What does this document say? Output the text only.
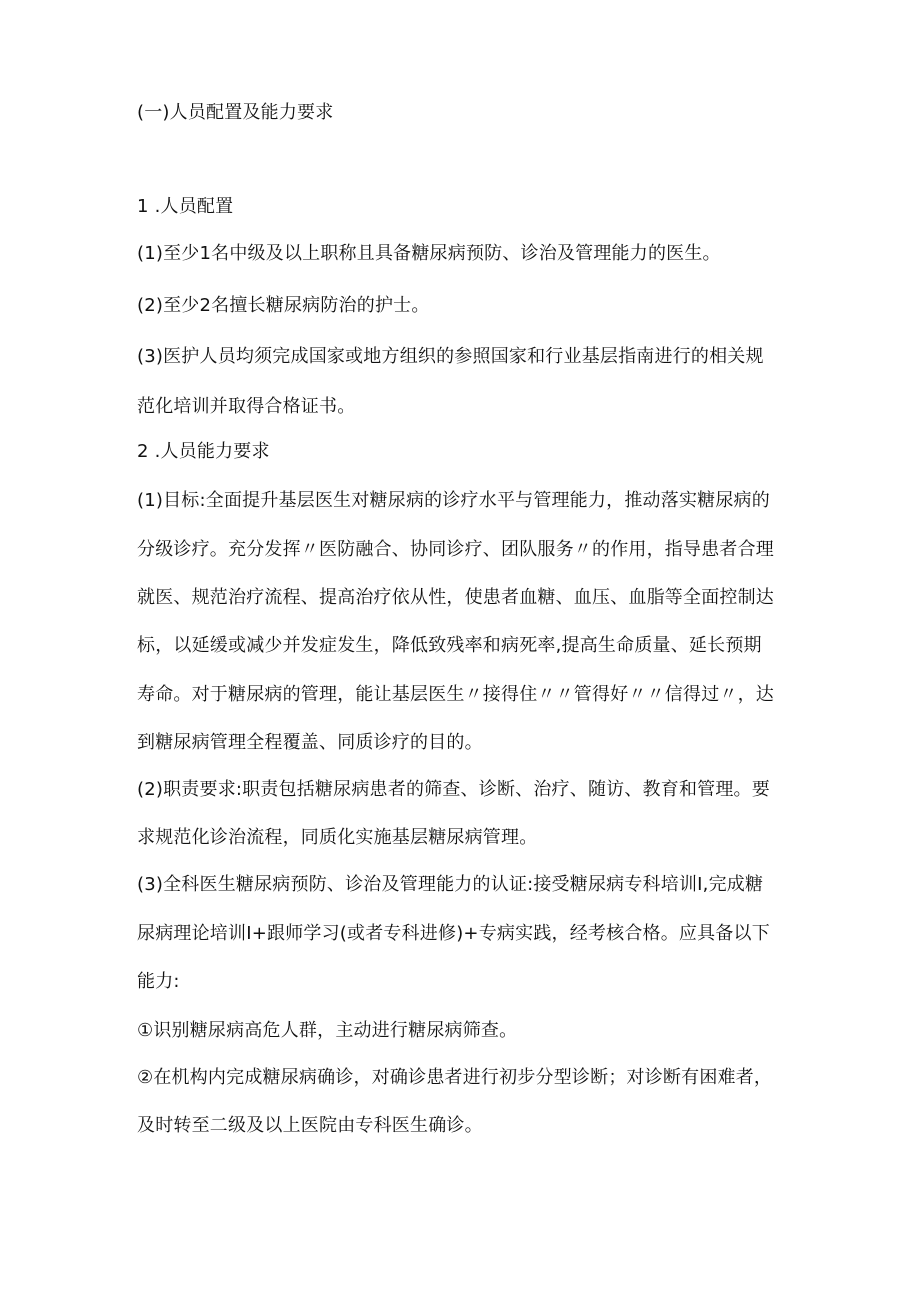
(一)人员配置及能力要求
1 .人员配置
(1)至少1名中级及以上职称且具备糖尿病预防、诊治及管理能力的医生。
(2)至少2名擅长糖尿病防治的护士。
(3)医护人员均须完成国家或地方组织的参照国家和行业基层指南进行的相关规
范化培训并取得合格证书。
2 .人员能力要求
(1)目标:全面提升基层医生对糖尿病的诊疗水平与管理能力，推动落实糖尿病的
分级诊疗。充分发挥〃医防融合、协同诊疗、团队服务〃的作用，指导患者合理
就医、规范治疗流程、提高治疗依从性，使患者血糖、血压、血脂等全面控制达
标，以延缓或减少并发症发生，降低致残率和病死率,提高生命质量、延长预期
寿命。对于糖尿病的管理，能让基层医生〃接得住〃〃管得好〃〃信得过〃，达
到糖尿病管理全程覆盖、同质诊疗的目的。
(2)职责要求:职责包括糖尿病患者的筛查、诊断、治疗、随访、教育和管理。要
求规范化诊治流程，同质化实施基层糖尿病管理。
(3)全科医生糖尿病预防、诊治及管理能力的认证:接受糖尿病专科培训I,完成糖
尿病理论培训I+跟师学习(或者专科进修)+专病实践，经考核合格。应具备以下
能力:
①识别糖尿病高危人群，主动进行糖尿病筛查。
②在机构内完成糖尿病确诊，对确诊患者进行初步分型诊断；对诊断有困难者，
及时转至二级及以上医院由专科医生确诊。
